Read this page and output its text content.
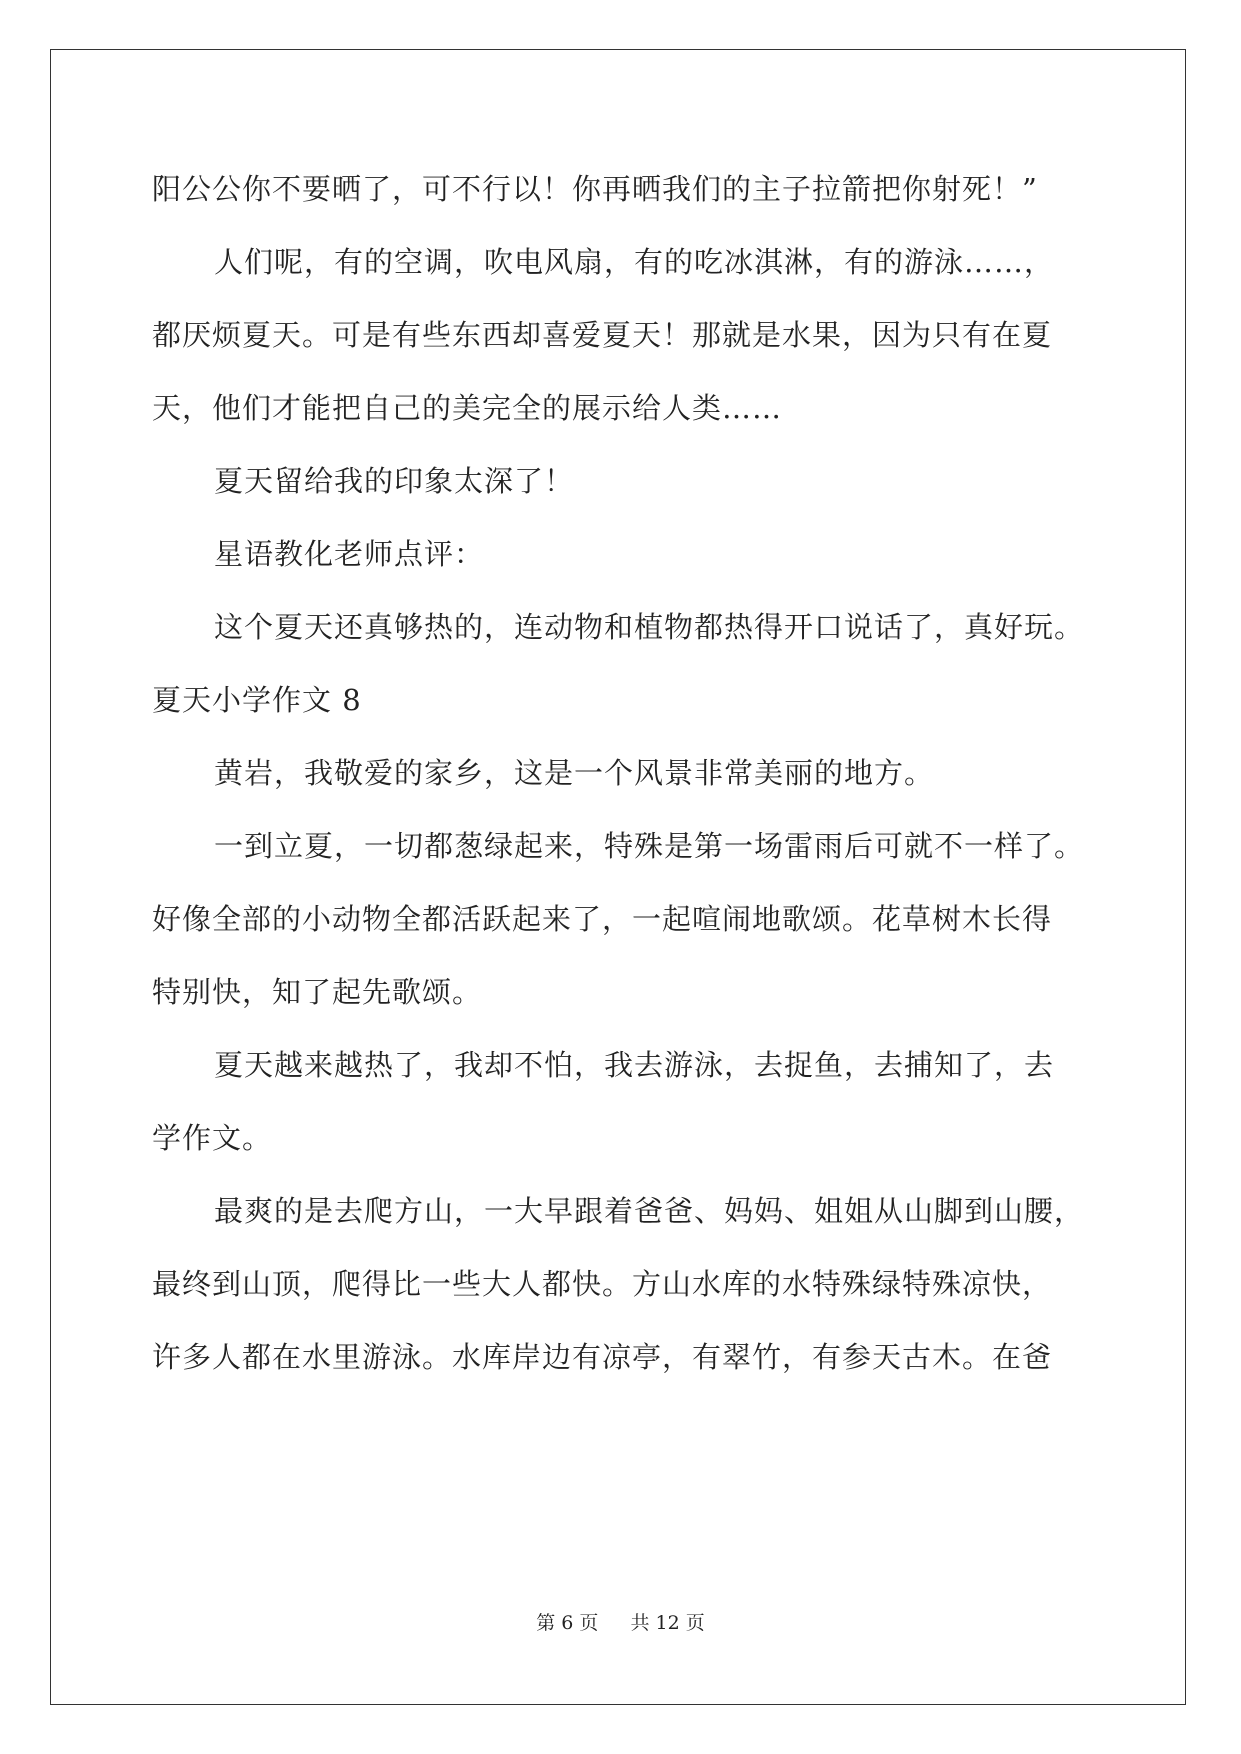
阳公公你不要晒了，可不行以！你再晒我们的主子拉箭把你射死！”
人们呢，有的空调，吹电风扇，有的吃冰淇淋，有的游泳……，
都厌烦夏天。可是有些东西却喜爱夏天！那就是水果，因为只有在夏
天，他们才能把自己的美完全的展示给人类……
夏天留给我的印象太深了！
星语教化老师点评：
这个夏天还真够热的，连动物和植物都热得开口说话了，真好玩。
夏天小学作文 8
黄岩，我敬爱的家乡，这是一个风景非常美丽的地方。
一到立夏，一切都葱绿起来，特殊是第一场雷雨后可就不一样了。
好像全部的小动物全都活跃起来了，一起喧闹地歌颂。花草树木长得
特别快，知了起先歌颂。
夏天越来越热了，我却不怕，我去游泳，去捉鱼，去捕知了，去
学作文。
最爽的是去爬方山，一大早跟着爸爸、妈妈、姐姐从山脚到山腰，
最终到山顶，爬得比一些大人都快。方山水库的水特殊绿特殊凉快，
许多人都在水里游泳。水库岸边有凉亭，有翠竹，有参天古木。在爸
第 6 页 共 12 页
